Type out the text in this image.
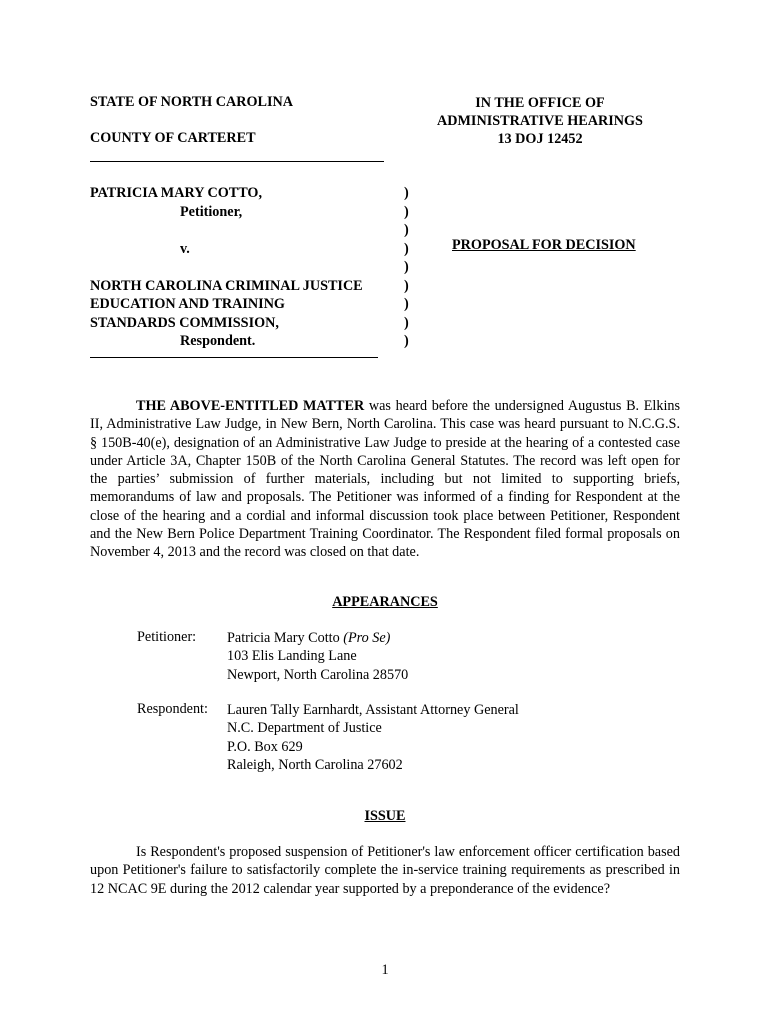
STATE OF NORTH CAROLINA
COUNTY OF CARTERET
IN THE OFFICE OF
ADMINISTRATIVE HEARINGS
13 DOJ 12452
PATRICIA MARY COTTO,
Petitioner,
v.
NORTH CAROLINA CRIMINAL JUSTICE
EDUCATION AND TRAINING
STANDARDS COMMISSION,
Respondent.
)
)
)
)
)
)
)
)
)
PROPOSAL FOR DECISION
THE ABOVE-ENTITLED MATTER was heard before the undersigned Augustus B. Elkins II, Administrative Law Judge, in New Bern, North Carolina. This case was heard pursuant to N.C.G.S. § 150B-40(e), designation of an Administrative Law Judge to preside at the hearing of a contested case under Article 3A, Chapter 150B of the North Carolina General Statutes. The record was left open for the parties’ submission of further materials, including but not limited to supporting briefs, memorandums of law and proposals. The Petitioner was informed of a finding for Respondent at the close of the hearing and a cordial and informal discussion took place between Petitioner, Respondent and the New Bern Police Department Training Coordinator. The Respondent filed formal proposals on November 4, 2013 and the record was closed on that date.
APPEARANCES
Petitioner: Patricia Mary Cotto (Pro Se)
103 Elis Landing Lane
Newport, North Carolina 28570
Respondent: Lauren Tally Earnhardt, Assistant Attorney General
N.C. Department of Justice
P.O. Box 629
Raleigh, North Carolina 27602
ISSUE
Is Respondent's proposed suspension of Petitioner's law enforcement officer certification based upon Petitioner's failure to satisfactorily complete the in-service training requirements as prescribed in 12 NCAC 9E during the 2012 calendar year supported by a preponderance of the evidence?
1
